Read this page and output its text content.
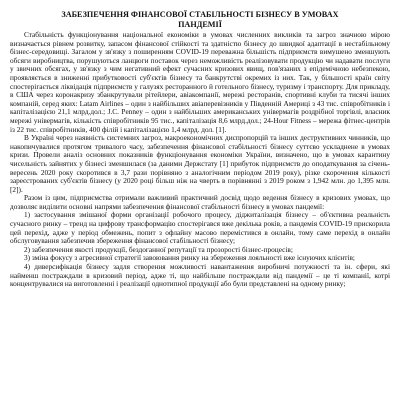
ЗАБЕЗПЕЧЕННЯ ФІНАНСОВОЇ СТАБІЛЬНОСТІ БІЗНЕСУ В УМОВАХ
ПАНДЕМІЇ

Стабільність функціонування національної економіки в умовах численних викликів та загроз значною мірою визначається рівнем розвитку, запасом фінансової стійкості та здатністю бізнесу до швидкої адаптації в нестабільному бізнес-середовищі. Загалом у зв'язку з поширенням COVID-19 переважна більшість підприємств вимушено зменшують обсяги виробництва, порушуються ланцюги поставок через неможливість реалізовувати продукцію чи надавати послуги у звичних обсягах, у зв'язку з чим негативний ефект сучасних кризових явищ, пов'язаних з епідемічною небезпекою, проявляється в зниженні прибутковості суб'єктів бізнесу та банкрутстві окремих із них. Так, у більшості країн світу спостерігається ліквідація підприємств у галузях ресторанного й готельного бізнесу, туризму і транспорту. Для прикладу, в США через коронакризу збанкрутували рітейлери, авіакомпанії, мережі ресторанів, спортивні клуби та тисячі інших компаній, серед яких: Latam Airlines – один з найбільших авіаперевізників у Південній Америці з 43 тис. співробітників і капіталізацією 21,1 млрд.дол.; J.C. Penney – один з найбільших американських універмагів роздрібної торгівлі, власник мережі універмагів, кількість співробітників 95 тис., капіталізація 8,6 млрд.дол.; 24-Hour Fitness – мережа фітнес-центрів із 22 тис. співробітників, 400 філій і капіталізацією 1,4 млрд. дол. [1].

В Україні через наявність системних загроз, макроекономічних диспропорцій та інших деструктивних чинників, що накопичувалися протягом тривалого часу, забезпечення фінансової стабільності бізнесу суттєво ускладнене в умовах кризи. Провели аналіз основних показників функціонування економіки України, визначено, що в умовах карантину чисельність зайнятих у бізнесі зменшилася (за даними Держстату [1] прибуток підприємств до оподаткування за січень-вересень 2020 року скоротився в 3,7 рази порівняно з аналогічним періодом 2019 року), різке скорочення кількості зареєстрованих суб'єктів бізнесу (у 2020 році більш ніж на чверть в порівнянні з 2019 роком з 1,942 млн. до 1,395 млн. [2]).

Разом із цим, підприємства отримали важливий практичний досвід щодо ведення бізнесу в кризових умовах, що дозволяє виділити основні напрями забезпечення фінансової стабільності бізнесу в умовах пандемії:

1) застосування змішаної форми організації робочого процесу, діджиталізація бізнесу – об'єктивна реальність сучасного ринку – тренд на цифрову трансформацію спостерігався вже декілька років, а пандемія COVID-19 прискорила цей перехід, адже у період обмежень, попит з офлайну масово перемістився в онлайн, тому саме перехід в онлайн обслуговування забезпечив збереження фінансової стабільності бізнесу;

2) забезпечення якості продукції, бездоганної репутації та прозорості бізнес-процесів;

3) зміна фокусу з агресивної стратегії завоювання ринку на збереження лояльності вже існуючих клієнтів;

4) диверсифікація бізнесу задля створення можливості навантаження виробничі потужності та ін. сфери, які найменш постраждали в кризовий період, адже ті, що найбільше постраждали від пандемії – це ті компанії, котрі концентрувалися на виготовленні і реалізації однотипної продукції або були представлені на одному ринку;
